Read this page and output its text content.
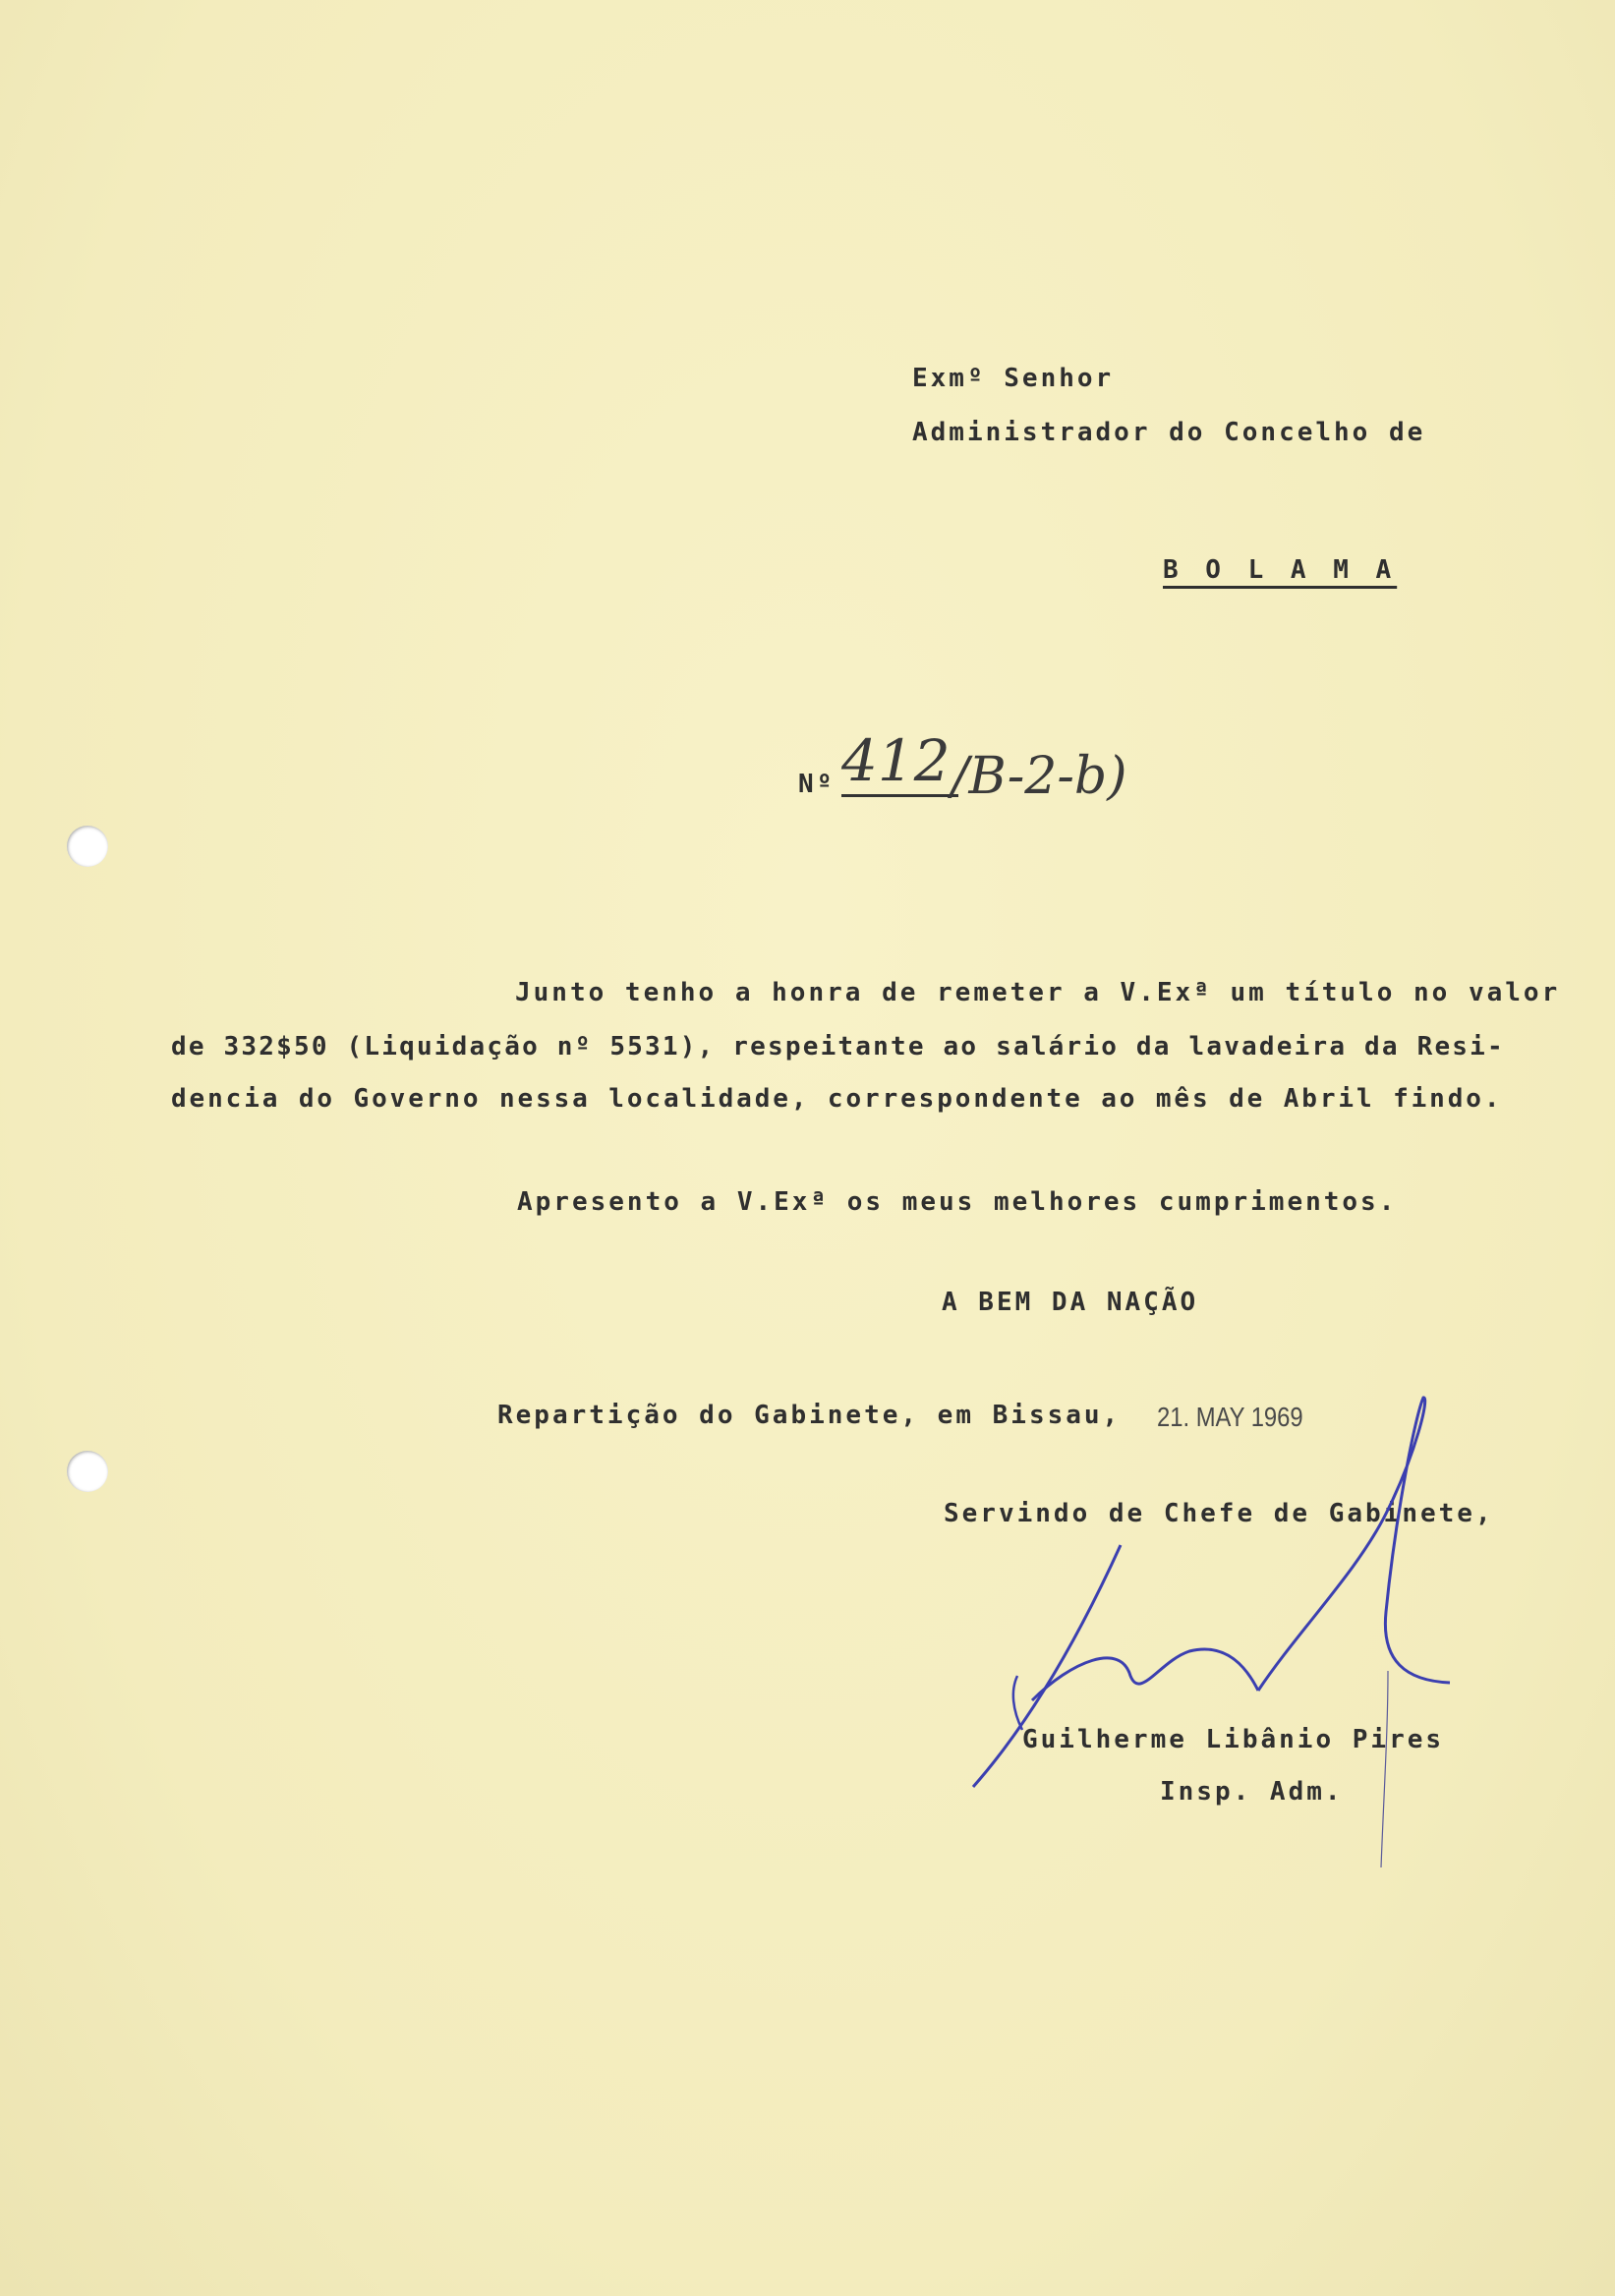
Exmº Senhor
Administrador do Concelho de
B O L A M A
Nº 412 /B-2-b)
Junto tenho a honra de remeter a V.Exª um título no valor
de 332$50 (Liquidação nº 5531), respeitante ao salário da lavadeira da Resi-
dencia do Governo nessa localidade, correspondente ao mês de Abril findo.
Apresento a V.Exª os meus melhores cumprimentos.
A BEM DA NAÇÃO
Repartição do Gabinete, em Bissau, 21. MAY 1969
Servindo de Chefe de Gabinete,
Guilherme Libânio Pires
Insp. Adm.
